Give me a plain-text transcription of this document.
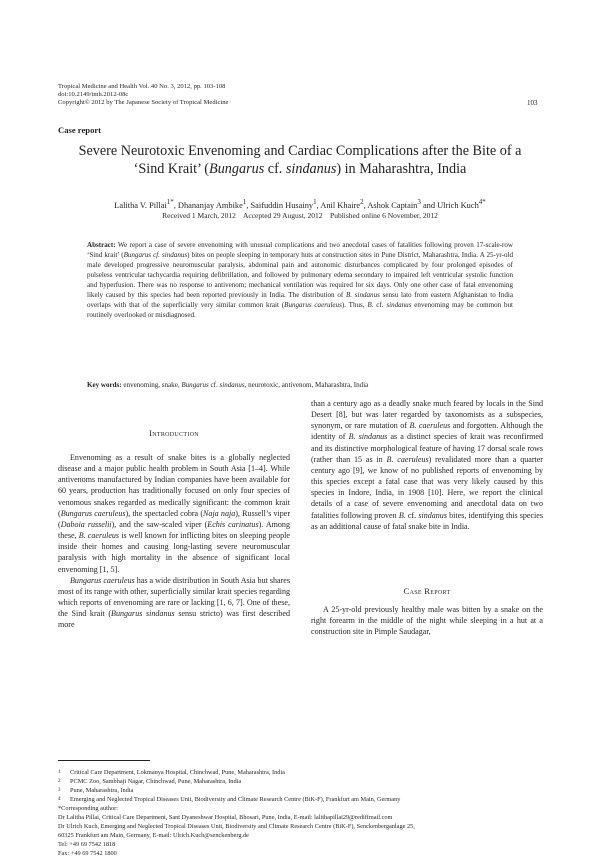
Tropical Medicine and Health Vol. 40 No. 3, 2012, pp. 103-108
doi:10.2149/tmh.2012-08c
Copyright© 2012 by The Japanese Society of Tropical Medicine	103
Case report
Severe Neurotoxic Envenoming and Cardiac Complications after the Bite of a
‘Sind Krait’ (Bungarus cf. sindanus) in Maharashtra, India
Lalitha V. Pillai$^{1*}$, Dhananjay Ambike$^1$, Saifuddin Husainy$^1$, Anil Khaire$^2$, Ashok Captain$^3$ and Ulrich Kuch$^{4*}$
Received 1 March, 2012 Accepted 29 August, 2012 Published online 6 November, 2012

Abstract: We report a case of severe envenoming with unusual complications and two anecdotal cases of fatalities following proven 17-scale-row ‘Sind krait’ (Bungarus cf. sindanus) bites on people sleeping in temporary huts at construction sites in Pune District, Maharashtra, India. A 25-yr-old male developed progressive neuromuscular paralysis, abdominal pain and autonomic disturbances complicated by four prolonged episodes of pulseless ventricular tachycardia requiring defibrillation, and followed by pulmonary edema secondary to impaired left ventricular systolic function and hyperfusion. There was no response to antivenom; mechanical ventilation was required for six days. Only one other case of fatal envenoming likely caused by this species had been reported previously in India. The distribution of B. sindanus sensu lato from eastern Afghanistan to India overlaps with that of the superficially very similar common krait (Bungarus caeruleus). Thus, B. cf. sindanus envenoming may be common but routinely overlooked or misdiagnosed.

Key words: envenoming, snake, Bungarus cf. sindanus, neurotoxic, antivenom, Maharashtra, India

Introduction

Envenoming as a result of snake bites is a globally neglected disease and a major public health problem in South Asia [1–4]. While antivenoms manufactured by Indian companies have been available for 60 years, production has traditionally focused on only four species of venomous snakes regarded as medically significant: the common krait (Bungarus caeruleus), the spectacled cobra (Naja naja), Russell’s viper (Daboia russelii), and the saw-scaled viper (Echis carinatus). Among these, B. caeruleus is well known for inflicting bites on sleeping people inside their homes and causing long-lasting severe neuromuscular paralysis with high mortality in the absence of significant local envenoming [1, 5].

Bungarus caeruleus has a wide distribution in South Asia but shares most of its range with other, superficially similar krait species regarding which reports of envenoming are rare or lacking [1, 6, 7]. One of these, the Sind krait (Bungarus sindanus sensu stricto) was first described more

than a century ago as a deadly snake much feared by locals in the Sind Desert [8], but was later regarded by taxonomists as a subspecies, synonym, or rare mutation of B. caeruleus and forgotten. Although the identity of B. sindanus as a distinct species of krait was reconfirmed and its distinctive morphological feature of having 17 dorsal scale rows (rather than 15 as in B. caeruleus) revalidated more than a quarter century ago [9], we know of no published reports of envenoming by this species except a fatal case that was very likely caused by this species in Indore, India, in 1908 [10]. Here, we report the clinical details of a case of severe envenoming and anecdotal data on two fatalities following proven B. cf. sindanus bites, identifying this species as an additional cause of fatal snake bite in India.

Case Report

A 25-yr-old previously healthy male was bitten by a snake on the right forearm in the middle of the night while sleeping in a hut at a construction site in Pimple Saudagar,

1 Critical Care Department, Lokmanya Hospital, Chinchwad, Pune, Maharashtra, India
2 PCMC Zoo, Sambhaji Nagar, Chinchwad, Pune, Maharashtra, India
3 Pune, Maharashtra, India
4 Emerging and Neglected Tropical Diseases Unit, Biodiversity and Climate Research Centre (BiK-F), Frankfurt am Main, Germany
*Corresponding author:
Dr Lalitha Pillai, Critical Care Department, Sant Dyaneshwar Hospital, Bhosari, Pune, India, E-mail: lalithapillai29@rediffmail.com
Dr Ulrich Kuch, Emerging and Neglected Tropical Diseases Unit, Biodiversity and Climate Research Centre (BiK-F), Senckenberganlage 25,
60325 Frankfurt am Main, Germany, E-mail: Ulrich.Kuch@senckenberg.de
Tel: +49 69 7542 1818
Fax: +49 69 7542 1800
